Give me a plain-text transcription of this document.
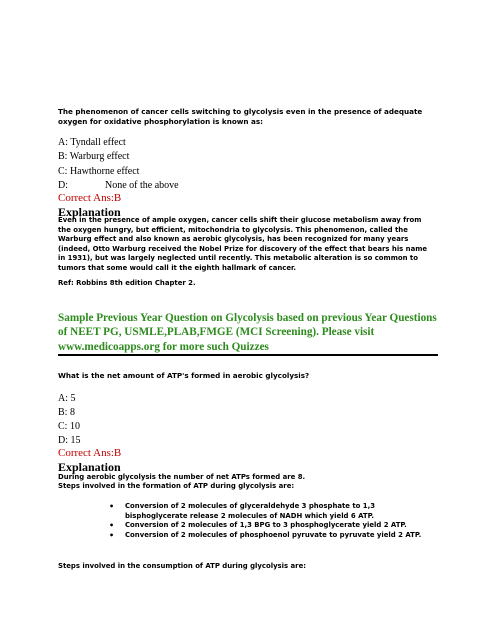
The phenomenon of cancer cells switching to glycolysis even in the presence of adequate oxygen for oxidative phosphorylation is known as:
A: Tyndall effect
B: Warburg effect
C: Hawthorne effect
D:	None of the above
Correct Ans:B
Explanation
Even in the presence of ample oxygen, cancer cells shift their glucose metabolism away from the oxygen hungry, but efficient, mitochondria to glycolysis. This phenomenon, called the Warburg effect and also known as aerobic glycolysis, has been recognized for many years (indeed, Otto Warburg received the Nobel Prize for discovery of the effect that bears his name in 1931), but was largely neglected until recently. This metabolic alteration is so common to tumors that some would call it the eighth hallmark of cancer.
Ref: Robbins 8th edition Chapter 2.
Sample Previous Year Question on Glycolysis based on previous Year Questions of NEET PG, USMLE,PLAB,FMGE (MCI Screening). Please visit www.medicoapps.org for more such Quizzes
What is the net amount of ATP's formed in aerobic glycolysis?
A: 5
B: 8
C: 10
D: 15
Correct Ans:B
Explanation
During aerobic glycolysis the number of net ATPs formed are 8.
Steps involved in the formation of ATP during glycolysis are:
• Conversion of 2 molecules of glyceraldehyde 3 phosphate to 1,3 bisphoglycerate release 2 molecules of NADH which yield 6 ATP.
• Conversion of 2 molecules of 1,3 BPG to 3 phosphoglycerate yield 2 ATP.
• Conversion of 2 molecules of phosphoenol pyruvate to pyruvate yield 2 ATP.
Steps involved in the consumption of ATP during glycolysis are:
